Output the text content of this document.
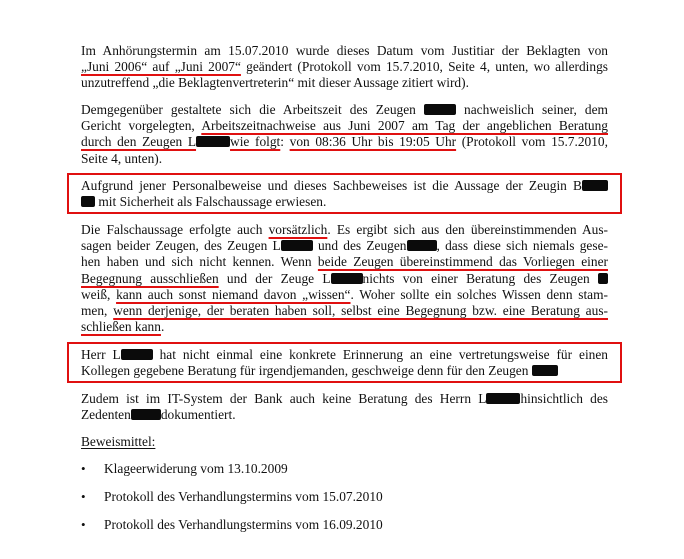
Im Anhörungstermin am 15.07.2010 wurde dieses Datum vom Justitiar der Beklagten von
„Juni 2006“ auf „Juni 2007“ geändert (Protokoll vom 15.7.2010, Seite 4, unten, wo allerdings
unzutreffend „die Beklagtenvertreterin“ mit dieser Aussage zitiert wird).
Demgegenüber gestaltete sich die Arbeitszeit des Zeugen	nachweislich seiner, dem
Gericht vorgelegten, Arbeitszeitnachweise aus Juni 2007 am Tag der angeblichen Beratung
durch den Zeugen L	wie folgt: von 08:36 Uhr bis 19:05 Uhr (Protokoll vom 15.7.2010,
Seite 4, unten).
Aufgrund jener Personalbeweise und dieses Sachbeweises ist die Aussage der Zeugin B
mit Sicherheit als Falschaussage erwiesen.
Die Falschaussage erfolgte auch vorsätzlich. Es ergibt sich aus den übereinstimmenden Aus-
sagen beider Zeugen, des Zeugen L	und des Zeugen , dass diese sich niemals gese-
hen haben und sich nicht kennen. Wenn beide Zeugen übereinstimmend das Vorliegen einer
Begegnung ausschließen und der Zeuge L nichts von einer Beratung des Zeugen
weiß, kann auch sonst niemand davon „wissen“. Woher sollte ein solches Wissen denn stam-
men, wenn derjenige, der beraten haben soll, selbst eine Begegnung bzw. eine Beratung aus-
schließen kann.
Herr L	hat nicht einmal eine konkrete Erinnerung an eine vertretungsweise für einen
Kollegen gegebene Beratung für irgendjemanden, geschweige denn für den Zeugen
Zudem ist im IT-System der Bank auch keine Beratung des Herrn L	hinsichtlich des
Zedenten dokumentiert.
Beweismittel:
• Klageerwiderung vom 13.10.2009
• Protokoll des Verhandlungstermins vom 15.07.2010
• Protokoll des Verhandlungstermins vom 16.09.2010
